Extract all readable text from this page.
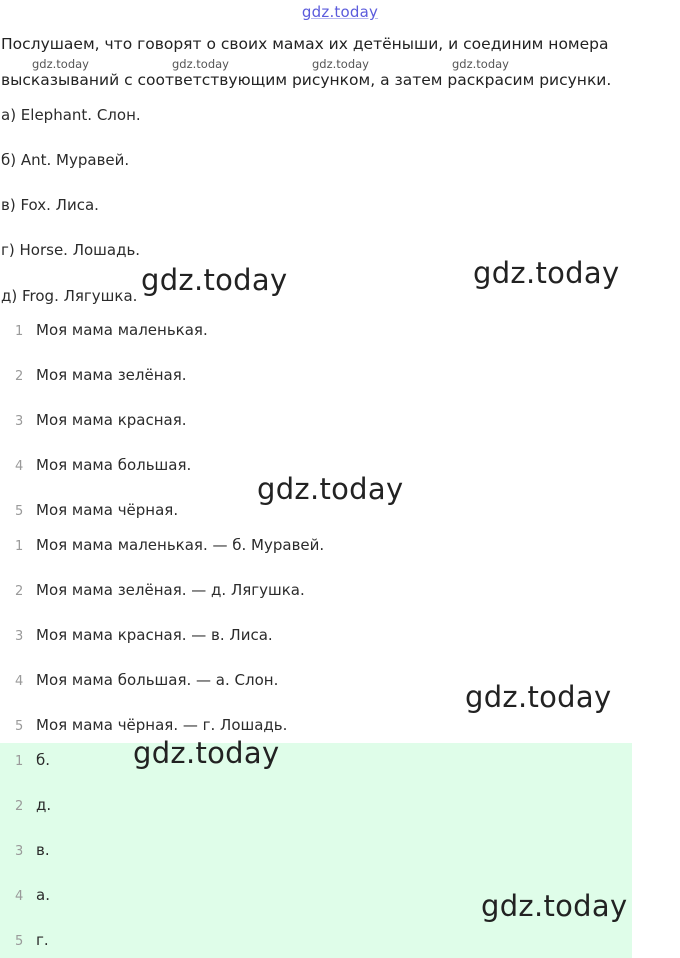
gdz.today
gdz.today	gdz.today	gdz.today	gdz.today
Послушаем, что говорят о своих мамах их детёныши, и соединим номера
высказываний с соответствующим рисунком, а затем раскрасим рисунки.
а) Elephant. Слон.
б) Ant. Муравей.
в) Fox. Лиса.
г) Horse. Лошадь.
д) Frog. Лягушка.
1 Моя мама маленькая.
2 Моя мама зелёная.
3 Моя мама красная.
4 Моя мама большая.
5 Моя мама чёрная.
1 Моя мама маленькая. — б. Муравей.
2 Моя мама зелёная. — д. Лягушка.
3 Моя мама красная. — в. Лиса.
4 Моя мама большая. — а. Слон.
5 Моя мама чёрная. — г. Лошадь.
1 б.
2 д.
3 в.
4 а.
5 г.
gdz.today	gdz.today
gdz.today
gdz.today
gdz.today
gdz.today
